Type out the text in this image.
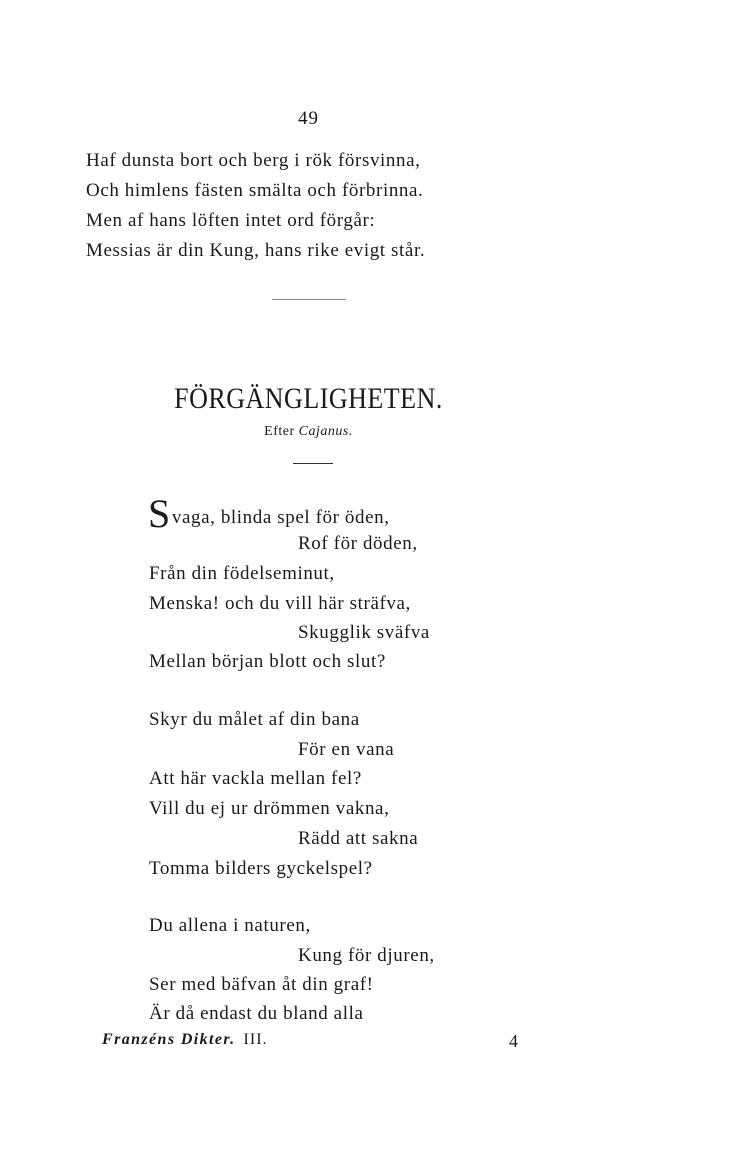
49
Haf dunsta bort och berg i rök försvinna,
Och himlens fästen smälta och förbrinna.
Men af hans löften intet ord förgår:
Messias är din Kung, hans rike evigt står.
FÖRGÄNGLIGHETEN.
Efter Cajanus.
Svaga, blinda spel för öden,
Rof för döden,
Från din födelseminut,
Menska! och du vill här sträfva,
Skugglik sväfva
Mellan början blott och slut?
Skyr du målet af din bana
För en vana
Att här vackla mellan fel?
Vill du ej ur drömmen vakna,
Rädd att sakna
Tomma bilders gyckelspel?
Du allena i naturen,
Kung för djuren,
Ser med bäfvan åt din graf!
Är då endast du bland alla
Franzéns Dikter. III.	4
